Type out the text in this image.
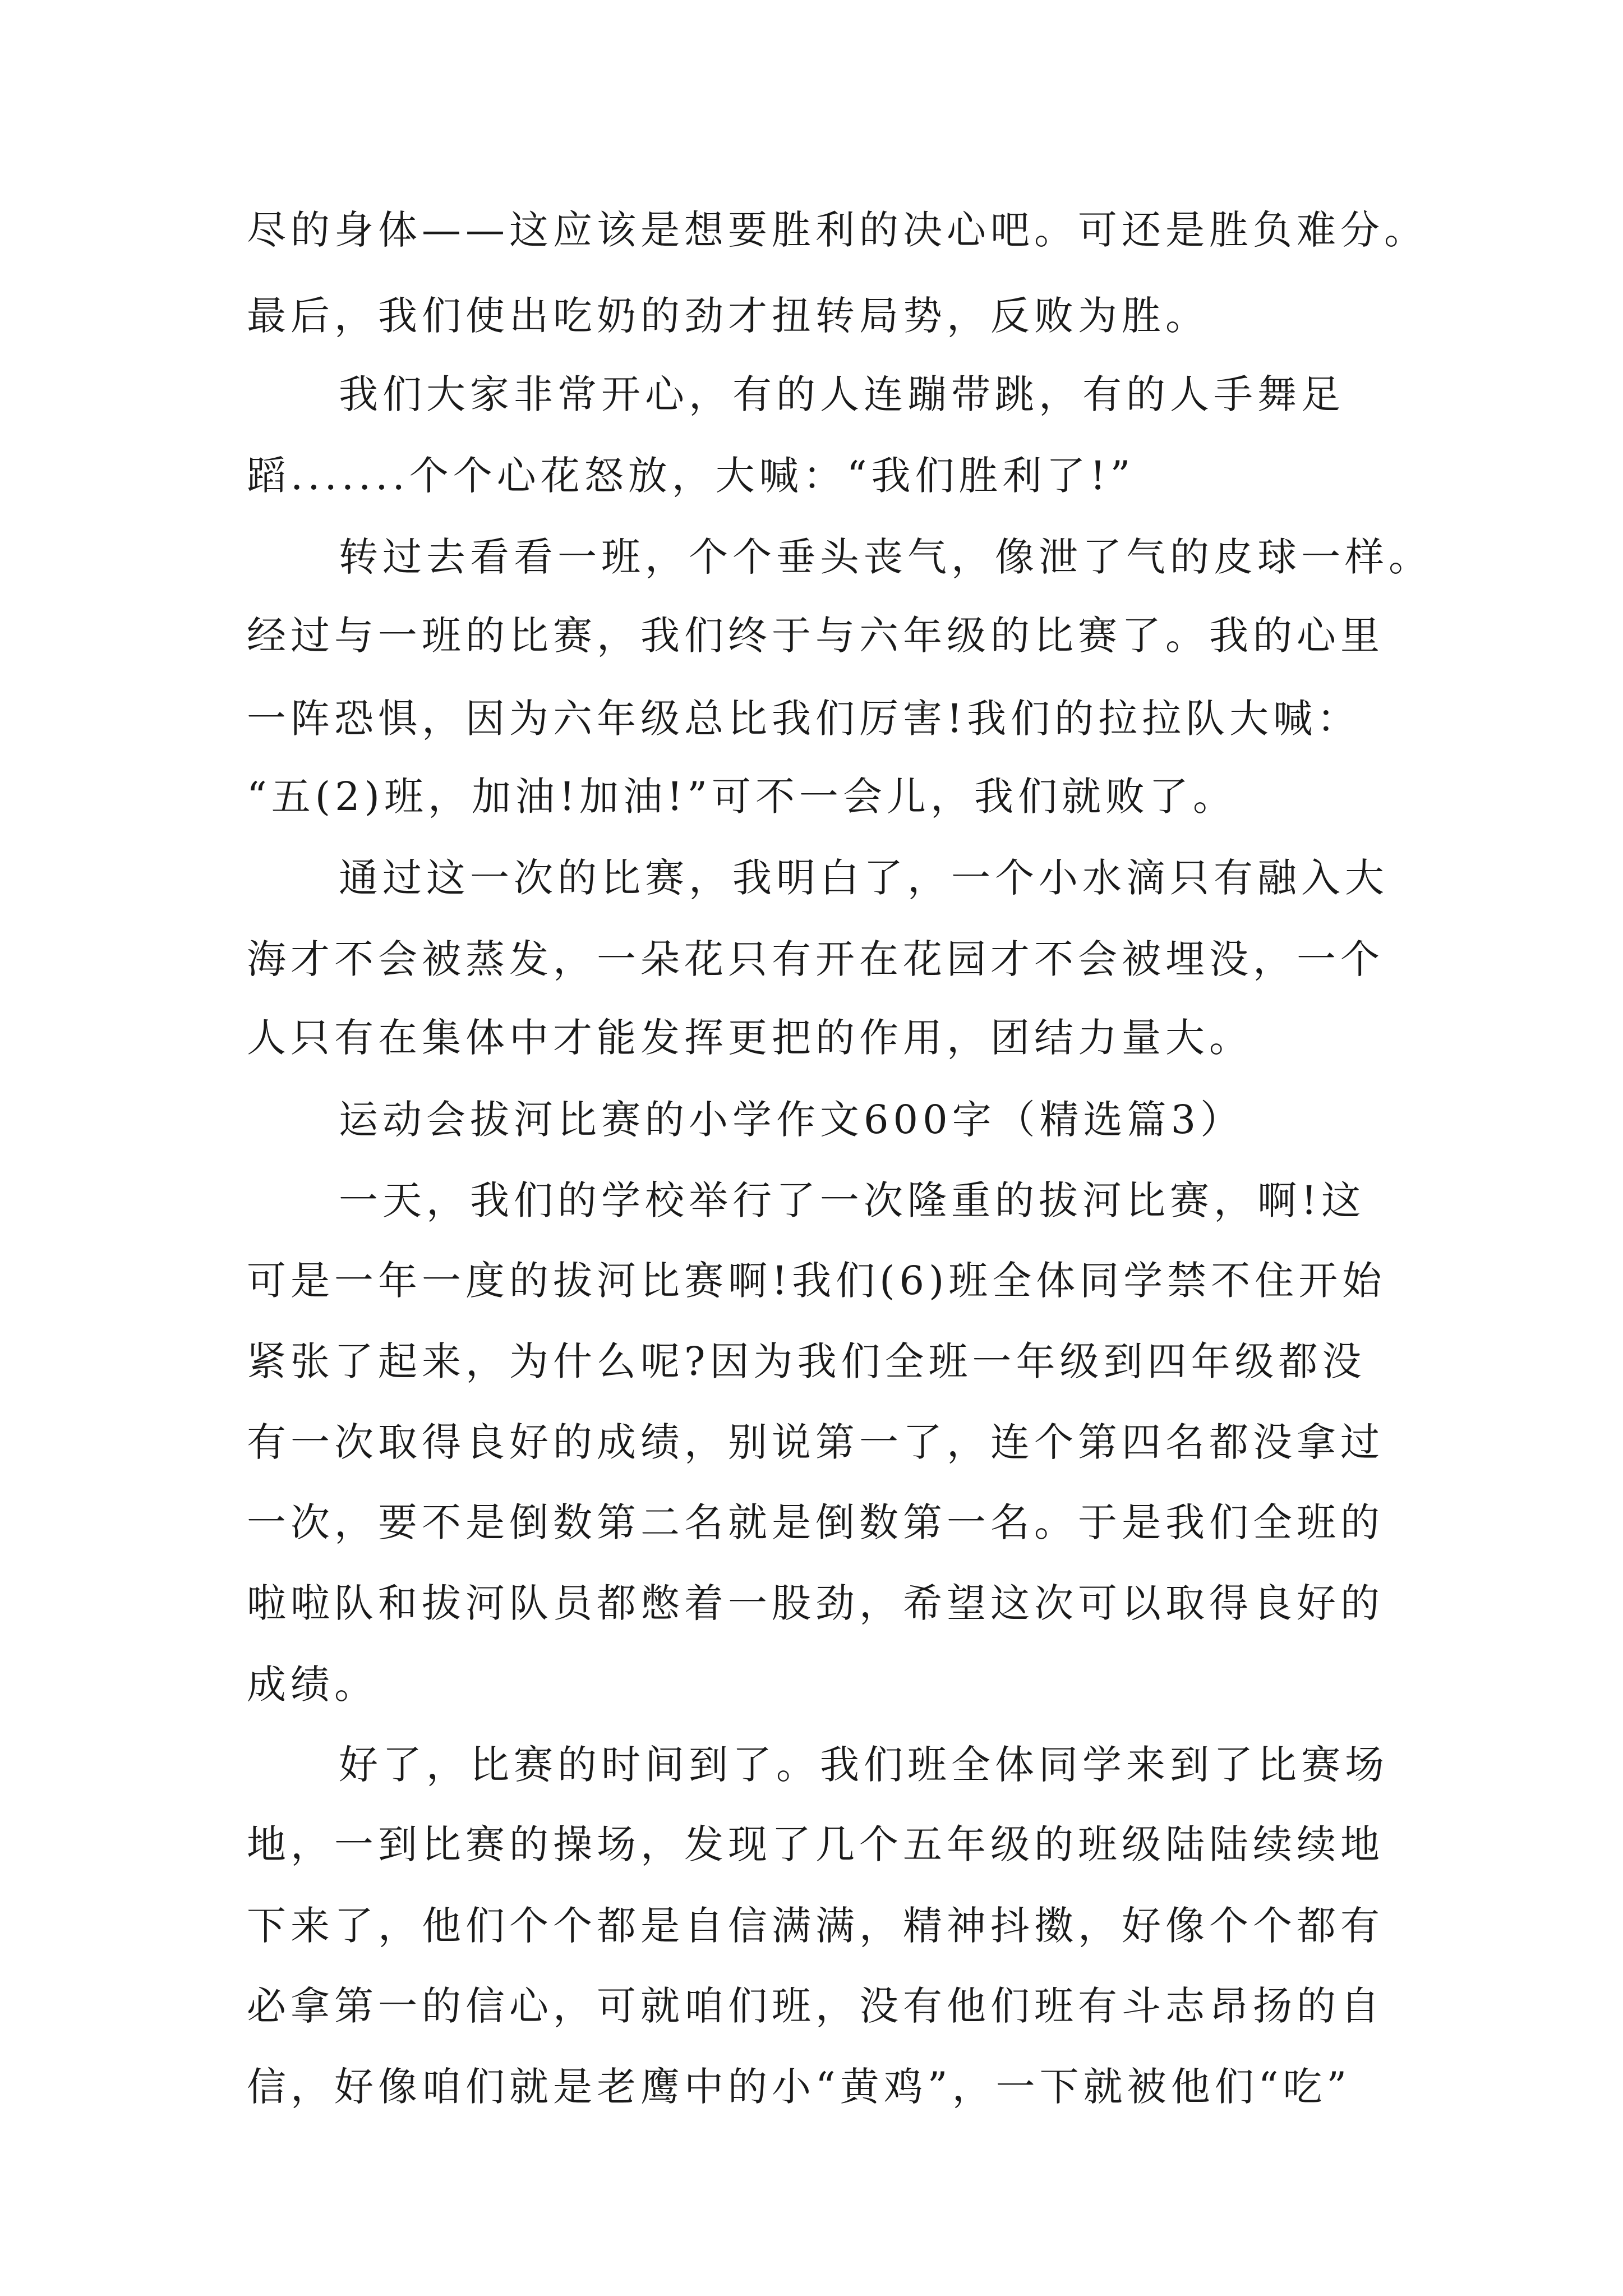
尽的身体——这应该是想要胜利的决心吧。可还是胜负难分。
最后，我们使出吃奶的劲才扭转局势，反败为胜。
我们大家非常开心，有的人连蹦带跳，有的人手舞足
蹈.......个个心花怒放，大喊：“我们胜利了!”
转过去看看一班，个个垂头丧气，像泄了气的皮球一样。
经过与一班的比赛，我们终于与六年级的比赛了。我的心里
一阵恐惧，因为六年级总比我们厉害!我们的拉拉队大喊：
“五(2)班，加油!加油!”可不一会儿，我们就败了。
通过这一次的比赛，我明白了，一个小水滴只有融入大
海才不会被蒸发，一朵花只有开在花园才不会被埋没，一个
人只有在集体中才能发挥更把的作用，团结力量大。
运动会拔河比赛的小学作文600字（精选篇3）
一天，我们的学校举行了一次隆重的拔河比赛，啊!这
可是一年一度的拔河比赛啊!我们(6)班全体同学禁不住开始
紧张了起来，为什么呢?因为我们全班一年级到四年级都没
有一次取得良好的成绩，别说第一了，连个第四名都没拿过
一次，要不是倒数第二名就是倒数第一名。于是我们全班的
啦啦队和拔河队员都憋着一股劲，希望这次可以取得良好的
成绩。
好了，比赛的时间到了。我们班全体同学来到了比赛场
地，一到比赛的操场，发现了几个五年级的班级陆陆续续地
下来了，他们个个都是自信满满，精神抖擞，好像个个都有
必拿第一的信心，可就咱们班，没有他们班有斗志昂扬的自
信，好像咱们就是老鹰中的小“黄鸡”，一下就被他们“吃”
